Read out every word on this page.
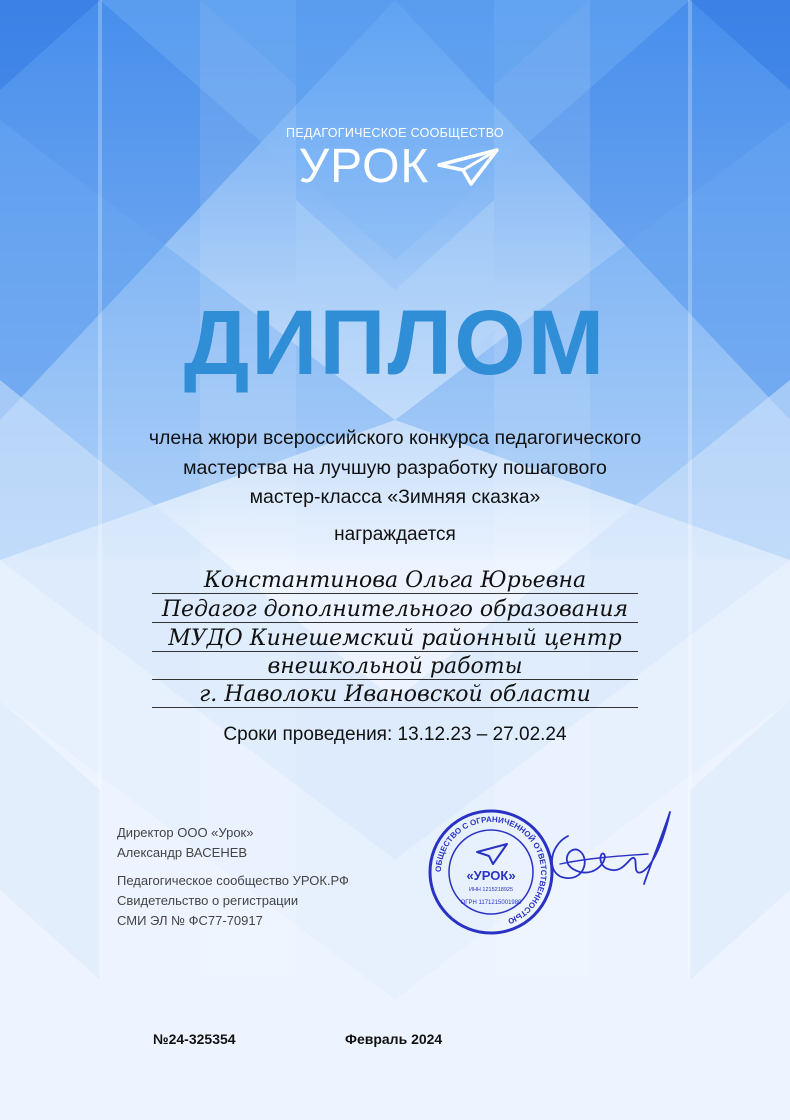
ПЕДАГОГИЧЕСКОЕ СООБЩЕСТВО
УРОК
ДИПЛОМ
члена жюри всероссийского конкурса педагогического
мастерства на лучшую разработку пошагового
мастер-класса «Зимняя сказка»
награждается
Константинова Ольга Юрьевна
Педагог дополнительного образования
МУДО Кинешемский районный центр
внешкольной работы
г. Наволоки Ивановской области
Сроки проведения: 13.12.23 – 27.02.24
Директор ООО «Урок»
Александр ВАСЕНЕВ
Педагогическое сообщество УРОК.РФ
Свидетельство о регистрации
СМИ ЭЛ № ФС77-70917
ОБЩЕСТВО С ОГРАНИЧЕННОЙ ОТВЕТСТВЕННОСТЬЮ
«УРОК»
ИНН 1215218925
ОГРН 1171215001980
№24-325354	Февраль 2024
